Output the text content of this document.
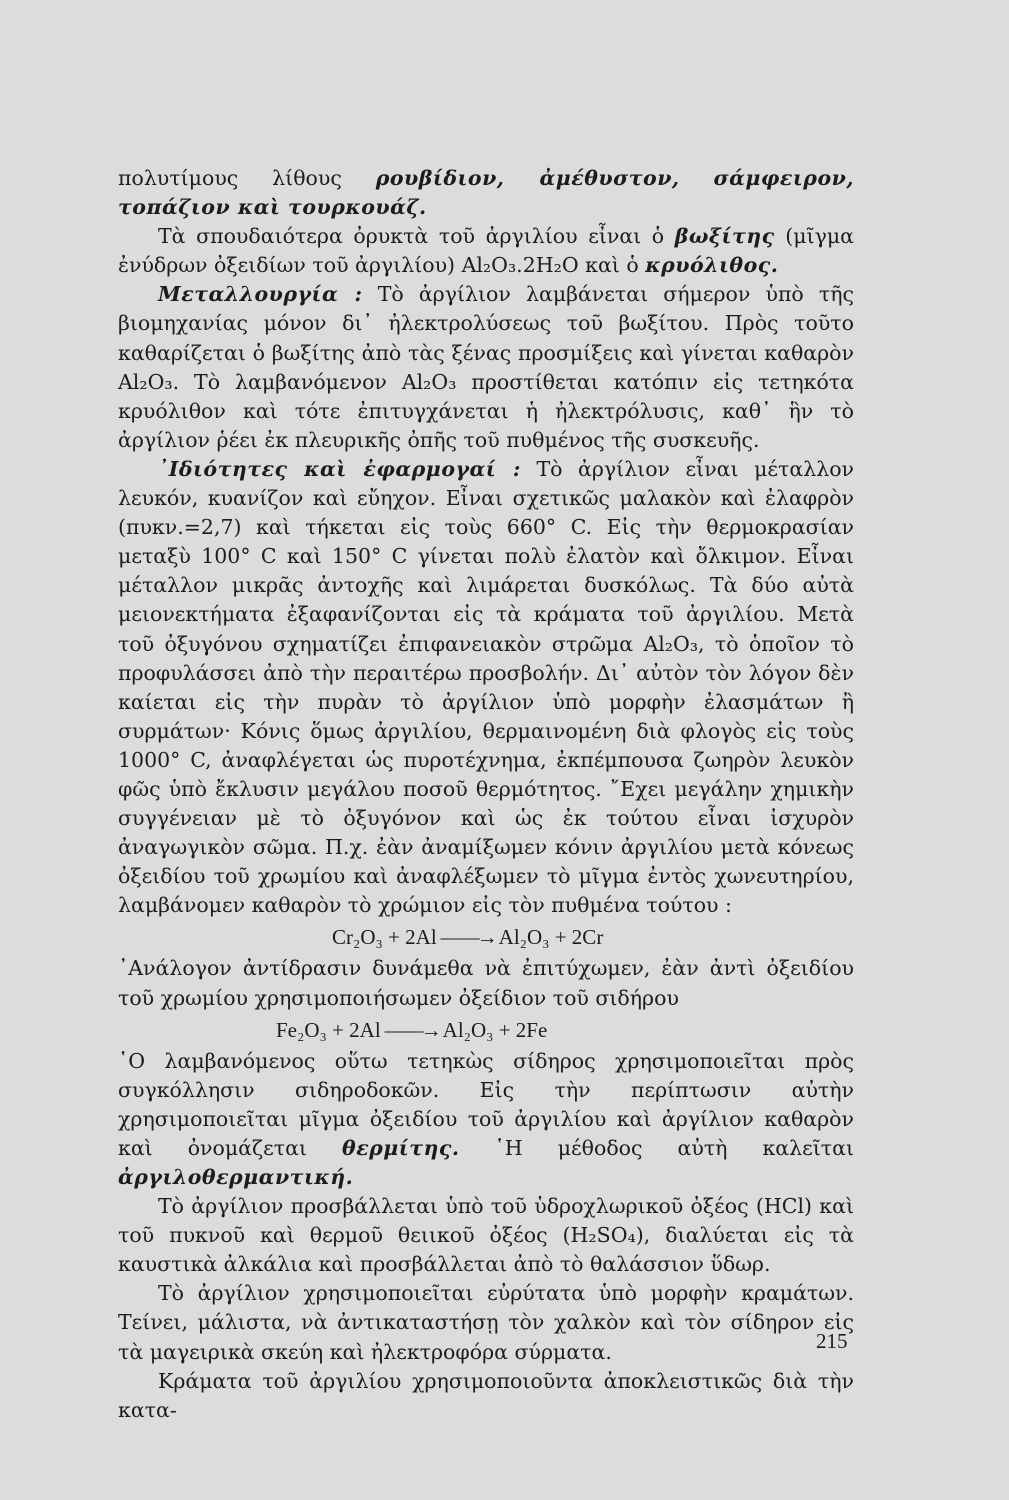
πολυτίμους λίθους ρουβίδιον, ἀμέθυστον, σάμφειρον, τοπάζιον καὶ τουρκουάζ.

Τὰ σπουδαιότερα ὀρυκτὰ τοῦ ἀργιλίου εἶναι ὁ βωξίτης (μῖγμα ἐνύδρων ὀξειδίων τοῦ ἀργιλίου) Al₂O₃.2H₂O καὶ ὁ κρυόλιθος.

Μεταλλουργία : Τὸ ἀργίλιον λαμβάνεται σήμερον ὑπὸ τῆς βιομηχανίας μόνον δι᾽ ἠλεκτρολύσεως τοῦ βωξίτου. Πρὸς τοῦτο καθαρίζεται ὁ βωξίτης ἀπὸ τὰς ξένας προσμίξεις καὶ γίνεται καθαρὸν Al₂O₃. Τὸ λαμβανόμενον Al₂O₃ προστίθεται κατόπιν εἰς τετηκότα κρυόλιθον καὶ τότε ἐπιτυγχάνεται ἡ ἠλεκτρόλυσις, καθ᾽ ἣν τὸ ἀργίλιον ῥέει ἐκ πλευρικῆς ὀπῆς τοῦ πυθμένος τῆς συσκευῆς.

᾽Ιδιότητες καὶ ἐφαρμογαί : Τὸ ἀργίλιον εἶναι μέταλλον λευκόν, κυανίζον καὶ εὔηχον. Εἶναι σχετικῶς μαλακὸν καὶ ἐλαφρὸν (πυκν.=2,7) καὶ τήκεται εἰς τοὺς 660° C. Εἰς τὴν θερμοκρασίαν μεταξὺ 100° C καὶ 150° C γίνεται πολὺ ἐλατὸν καὶ ὄλκιμον. Εἶναι μέταλλον μικρᾶς ἀντοχῆς καὶ λιμάρεται δυσκόλως. Τὰ δύο αὐτὰ μειονεκτήματα ἐξαφανίζονται εἰς τὰ κράματα τοῦ ἀργιλίου. Μετὰ τοῦ ὀξυγόνου σχηματίζει ἐπιφανειακὸν στρῶμα Al₂O₃, τὸ ὁποῖον τὸ προφυλάσσει ἀπὸ τὴν περαιτέρω προσβολήν. Δι᾽ αὐτὸν τὸν λόγον δὲν καίεται εἰς τὴν πυρὰν τὸ ἀργίλιον ὑπὸ μορφὴν ἐλασμάτων ἢ συρμάτων· Κόνις ὅμως ἀργιλίου, θερμαινομένη διὰ φλογὸς εἰς τοὺς 1000° C, ἀναφλέγεται ὡς πυροτέχνημα, ἐκπέμπουσα ζωηρὸν λευκὸν φῶς ὑπὸ ἔκλυσιν μεγάλου ποσοῦ θερμότητος. ῎Εχει μεγάλην χημικὴν συγγένειαν μὲ τὸ ὀξυγόνον καὶ ὡς ἐκ τούτου εἶναι ἰσχυρὸν ἀναγωγικὸν σῶμα. Π.χ. ἐὰν ἀναμίξωμεν κόνιν ἀργιλίου μετὰ κόνεως ὀξειδίου τοῦ χρωμίου καὶ ἀναφλέξωμεν τὸ μῖγμα ἐντὸς χωνευτηρίου, λαμβάνομεν καθαρὸν τὸ χρώμιον εἰς τὸν πυθμένα τούτου :

Cr₂O₃ + 2Al ——→ Al₂O₃ + 2Cr

᾽Ανάλογον ἀντίδρασιν δυνάμεθα νὰ ἐπιτύχωμεν, ἐὰν ἀντὶ ὀξειδίου τοῦ χρωμίου χρησιμοποιήσωμεν ὀξείδιον τοῦ σιδήρου

Fe₂O₃ + 2Al ——→ Al₂O₃ + 2Fe

῾Ο λαμβανόμενος οὕτω τετηκὼς σίδηρος χρησιμοποιεῖται πρὸς συγκόλλησιν σιδηροδοκῶν. Εἰς τὴν περίπτωσιν αὐτὴν χρησιμοποιεῖται μῖγμα ὀξειδίου τοῦ ἀργιλίου καὶ ἀργίλιον καθαρὸν καὶ ὀνομάζεται θερμίτης. ῾Η μέθοδος αὐτὴ καλεῖται ἀργιλοθερμαντική.

Τὸ ἀργίλιον προσβάλλεται ὑπὸ τοῦ ὑδροχλωρικοῦ ὀξέος (HCl) καὶ τοῦ πυκνοῦ καὶ θερμοῦ θειικοῦ ὀξέος (H₂SO₄), διαλύεται εἰς τὰ καυστικὰ ἀλκάλια καὶ προσβάλλεται ἀπὸ τὸ θαλάσσιον ὕδωρ.

Τὸ ἀργίλιον χρησιμοποιεῖται εὐρύτατα ὑπὸ μορφὴν κραμάτων. Τείνει, μάλιστα, νὰ ἀντικαταστήσῃ τὸν χαλκὸν καὶ τὸν σίδηρον εἰς τὰ μαγειρικὰ σκεύη καὶ ἠλεκτροφόρα σύρματα.

Κράματα τοῦ ἀργιλίου χρησιμοποιοῦντα ἀποκλειστικῶς διὰ τὴν κατα-

215
